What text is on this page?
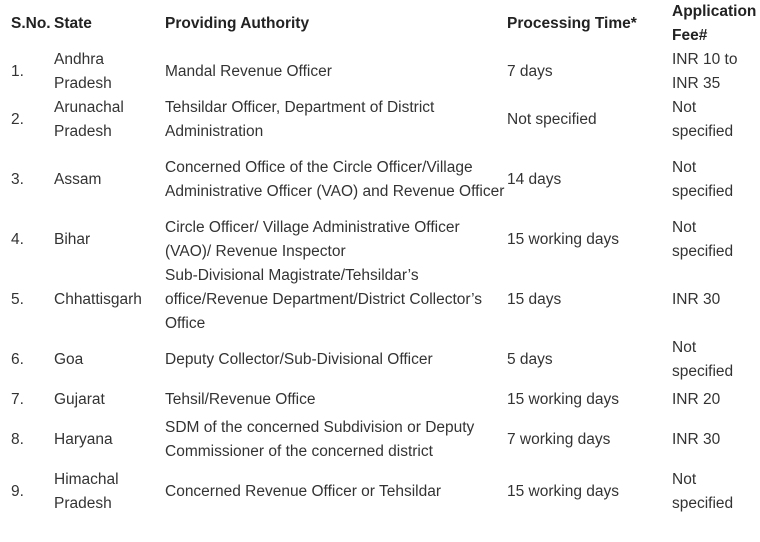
S.No.	State	Providing Authority	Processing Time*	Application Fee#
1.	Andhra Pradesh	Mandal Revenue Officer	7 days	INR 10 to INR 35
2.	Arunachal Pradesh	Tehsildar Officer, Department of District Administration	Not specified	Not specified
3.	Assam	Concerned Office of the Circle Officer/Village Administrative Officer (VAO) and Revenue Officer	14 days	Not specified
4.	Bihar	Circle Officer/ Village Administrative Officer (VAO)/ Revenue Inspector	15 working days	Not specified
5.	Chhattisgarh	Sub-Divisional Magistrate/Tehsildar’s office/Revenue Department/District Collector’s Office	15 days	INR 30
6.	Goa	Deputy Collector/Sub-Divisional Officer	5 days	Not specified
7.	Gujarat	Tehsil/Revenue Office	15 working days	INR 20
8.	Haryana	SDM of the concerned Subdivision or Deputy Commissioner of the concerned district	7 working days	INR 30
9.	Himachal Pradesh	Concerned Revenue Officer or Tehsildar	15 working days	Not specified
